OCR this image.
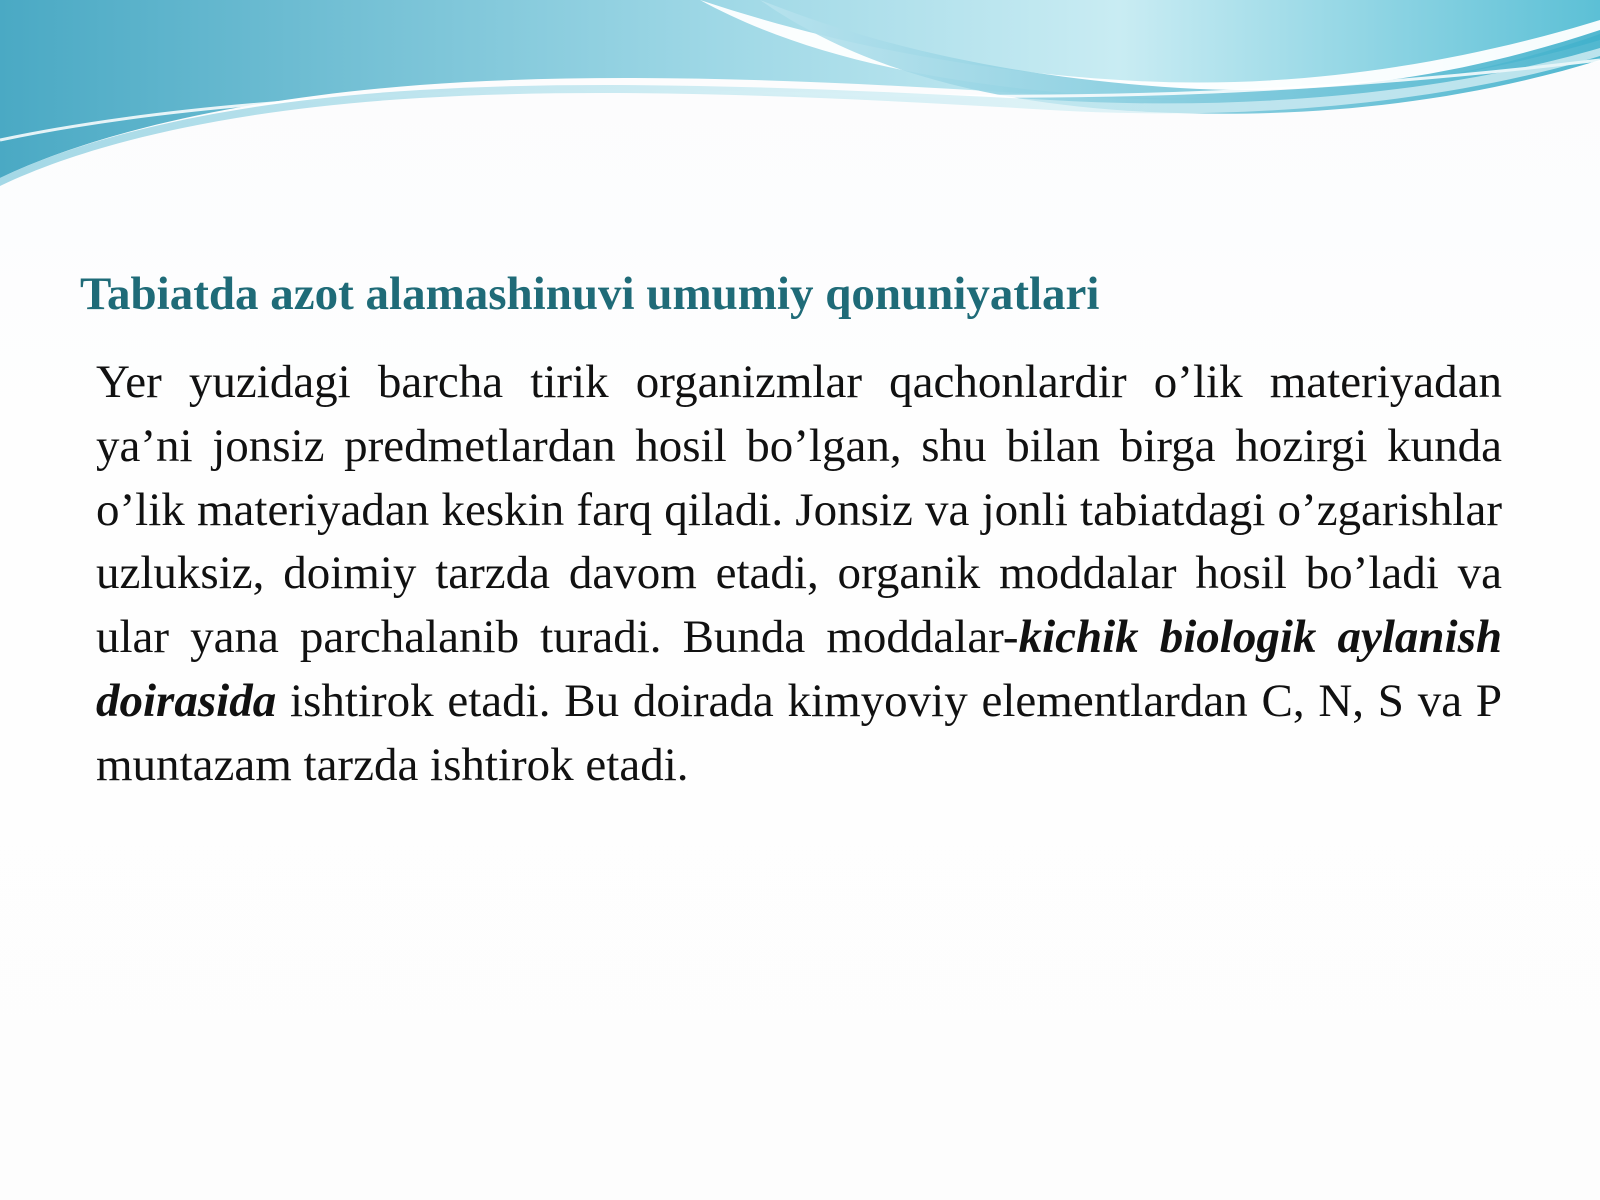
Tabiatda azot alamashinuvi umumiy qonuniyatlari

Yer yuzidagi barcha tirik organizmlar qachonlardir o’lik materiyadan ya’ni jonsiz predmetlardan hosil bo’lgan, shu bilan birga hozirgi kunda o’lik materiyadan keskin farq qiladi. Jonsiz va jonli tabiatdagi o’zgarishlar uzluksiz, doimiy tarzda davom etadi, organik moddalar hosil bo’ladi va ular yana parchalanib turadi. Bunda moddalar-kichik biologik aylanish doirasida ishtirok etadi. Bu doirada kimyoviy elementlardan C, N, S va P muntazam tarzda ishtirok etadi.
